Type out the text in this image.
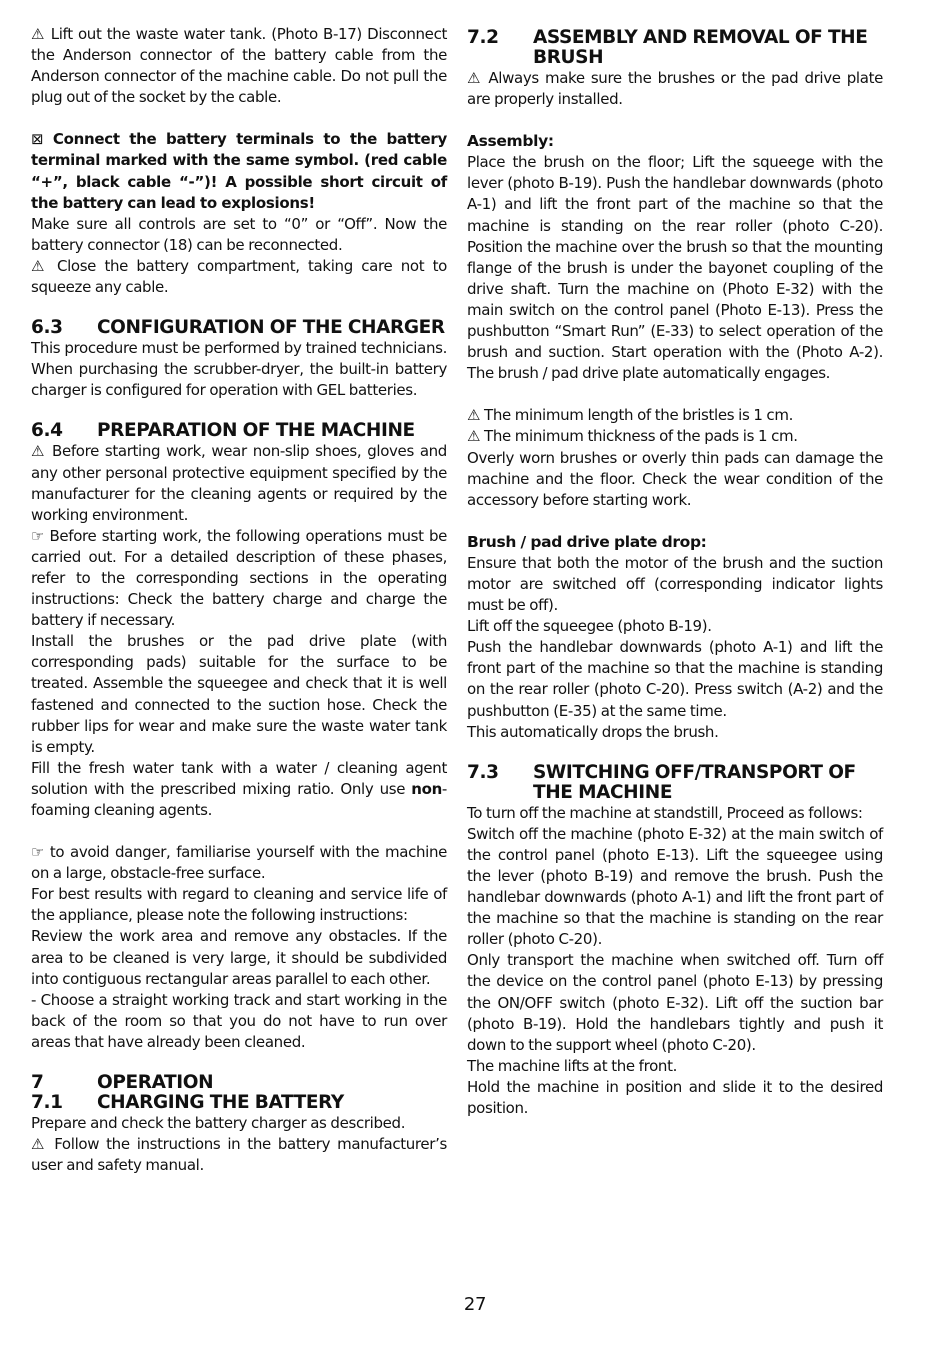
⚠ Lift out the waste water tank. (Photo B-17) Disconnect the Anderson connector of the battery cable from the Anderson connector of the machine cable. Do not pull the plug out of the socket by the cable.

⊠ Connect the battery terminals to the battery terminal marked with the same symbol. (red cable “+”, black cable “-”)! A possible short circuit of the battery can lead to explosions!

Make sure all controls are set to “0” or “Off”. Now the battery connector (18) can be reconnected.

⚠ Close the battery compartment, taking care not to squeeze any cable.

6.3	CONFIGURATION OF THE CHARGER

This procedure must be performed by trained technicians. When purchasing the scrubber-dryer, the built-in battery charger is configured for operation with GEL batteries.

6.4	PREPARATION OF THE MACHINE

⚠ Before starting work, wear non-slip shoes, gloves and any other personal protective equipment specified by the manufacturer for the cleaning agents or required by the working environment.

☞ Before starting work, the following operations must be carried out. For a detailed description of these phases, refer to the corresponding sections in the operating instructions: Check the battery charge and charge the battery if necessary.

Install the brushes or the pad drive plate (with corresponding pads) suitable for the surface to be treated. Assemble the squeegee and check that it is well fastened and connected to the suction hose. Check the rubber lips for wear and make sure the waste water tank is empty.

Fill the fresh water tank with a water / cleaning agent solution with the prescribed mixing ratio. Only use non-foaming cleaning agents.

☞ to avoid danger, familiarise yourself with the machine on a large, obstacle-free surface.

For best results with regard to cleaning and service life of the appliance, please note the following instructions:

Review the work area and remove any obstacles. If the area to be cleaned is very large, it should be subdivided into contiguous rectangular areas parallel to each other.

- Choose a straight working track and start working in the back of the room so that you do not have to run over areas that have already been cleaned.

7	OPERATION
7.1	CHARGING THE BATTERY

Prepare and check the battery charger as described.

⚠ Follow the instructions in the battery manufacturer’s user and safety manual.

7.2	ASSEMBLY AND REMOVAL OF THE BRUSH

⚠ Always make sure the brushes or the pad drive plate are properly installed.

Assembly:

Place the brush on the floor; Lift the squeege with the lever (photo B-19). Push the handlebar downwards (photo A-1) and lift the front part of the machine so that the machine is standing on the rear roller (photo C-20). Position the machine over the brush so that the mounting flange of the brush is under the bayonet coupling of the drive shaft. Turn the machine on (Photo E-32) with the main switch on the control panel (Photo E-13). Press the pushbutton “Smart Run” (E-33) to select operation of the brush and suction. Start operation with the (Photo A-2). The brush / pad drive plate automatically engages.

⚠ The minimum length of the bristles is 1 cm.

⚠ The minimum thickness of the pads is 1 cm.

Overly worn brushes or overly thin pads can damage the machine and the floor. Check the wear condition of the accessory before starting work.

Brush / pad drive plate drop:

Ensure that both the motor of the brush and the suction motor are switched off (corresponding indicator lights must be off).

Lift off the squeegee (photo B-19).

Push the handlebar downwards (photo A-1) and lift the front part of the machine so that the machine is standing on the rear roller (photo C-20). Press switch (A-2) and the pushbutton (E-35) at the same time.

This automatically drops the brush.

7.3	SWITCHING OFF/TRANSPORT OF THE MACHINE

To turn off the machine at standstill, Proceed as follows:

Switch off the machine (photo E-32) at the main switch of the control panel (photo E-13). Lift the squeegee using the lever (photo B-19) and remove the brush. Push the handlebar downwards (photo A-1) and lift the front part of the machine so that the machine is standing on the rear roller (photo C-20).

Only transport the machine when switched off. Turn off the device on the control panel (photo E-13) by pressing the ON/OFF switch (photo E-32). Lift off the suction bar (photo B-19). Hold the handlebars tightly and push it down to the support wheel (photo C-20).

The machine lifts at the front.

Hold the machine in position and slide it to the desired position.

27
